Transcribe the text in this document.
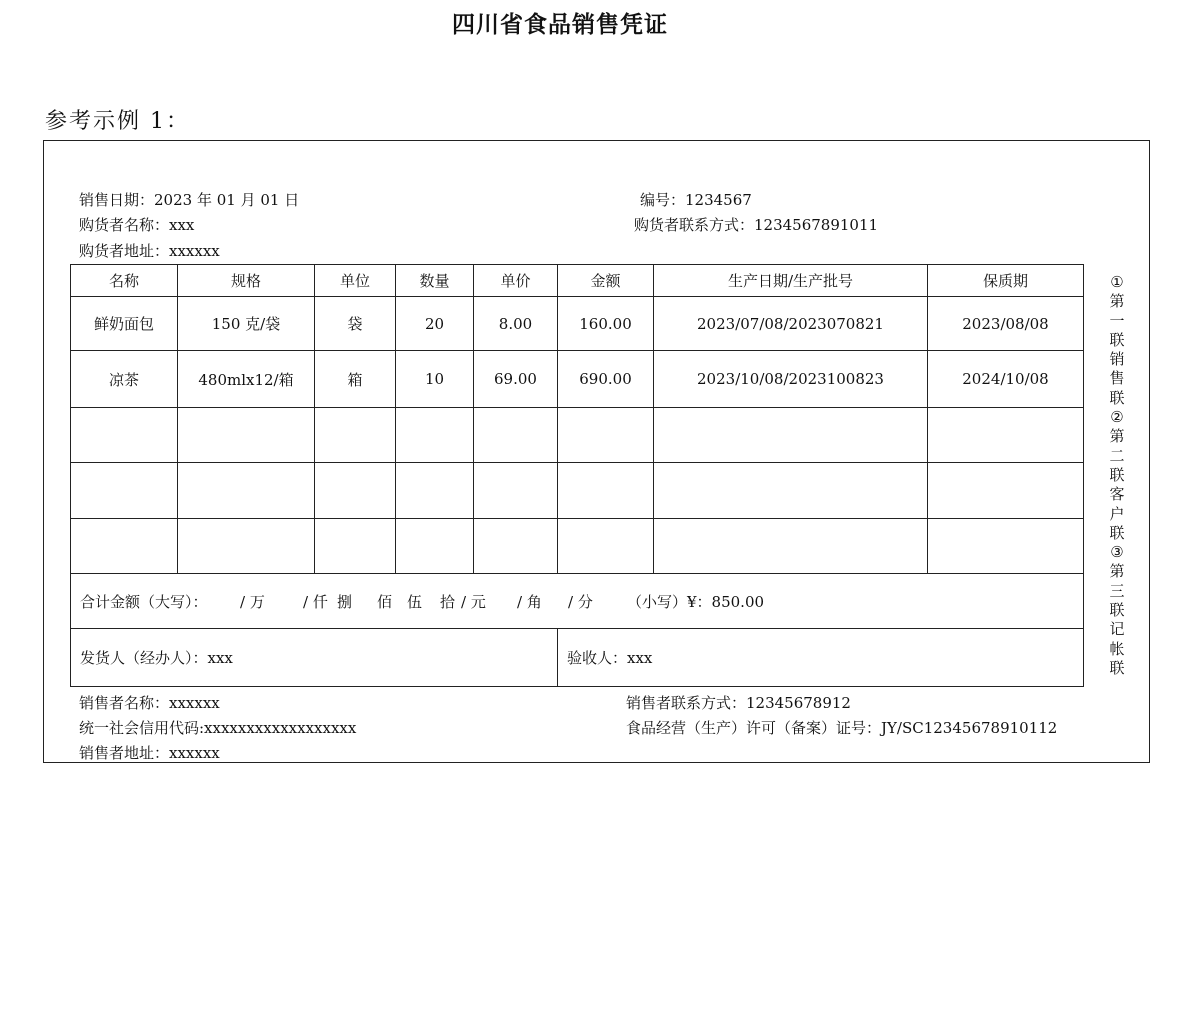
参考示例 1：
四川省食品销售凭证
销售日期：2023 年 01 月 01 日	编号：1234567
购货者名称：xxx	购货者联系方式：1234567891011
购货者地址：xxxxxx
名称	规格	单位	数量	单价	金额	生产日期/生产批号	保质期
鲜奶面包	150 克/袋	袋	20	8.00	160.00	2023/07/08/2023070821	2023/08/08
凉茶	480mlx12/箱	箱	10	69.00	690.00	2023/10/08/2023100823	2024/10/08

合计金额（大写）： / 万 / 仟 捌 佰 伍 拾 / 元 / 角 / 分 （小写）¥：850.00							
发货人（经办人）：xxx					验收人：xxx		
销售者名称：xxxxxx	销售者联系方式：12345678912
统一社会信用代码:xxxxxxxxxxxxxxxxxx	食品经营（生产）许可（备案）证号：JY/SC12345678910112
销售者地址：xxxxxx
①
第
一
联
销
售
联
②
第
二
联
客
户
联
③
第
三
联
记
帐
联
